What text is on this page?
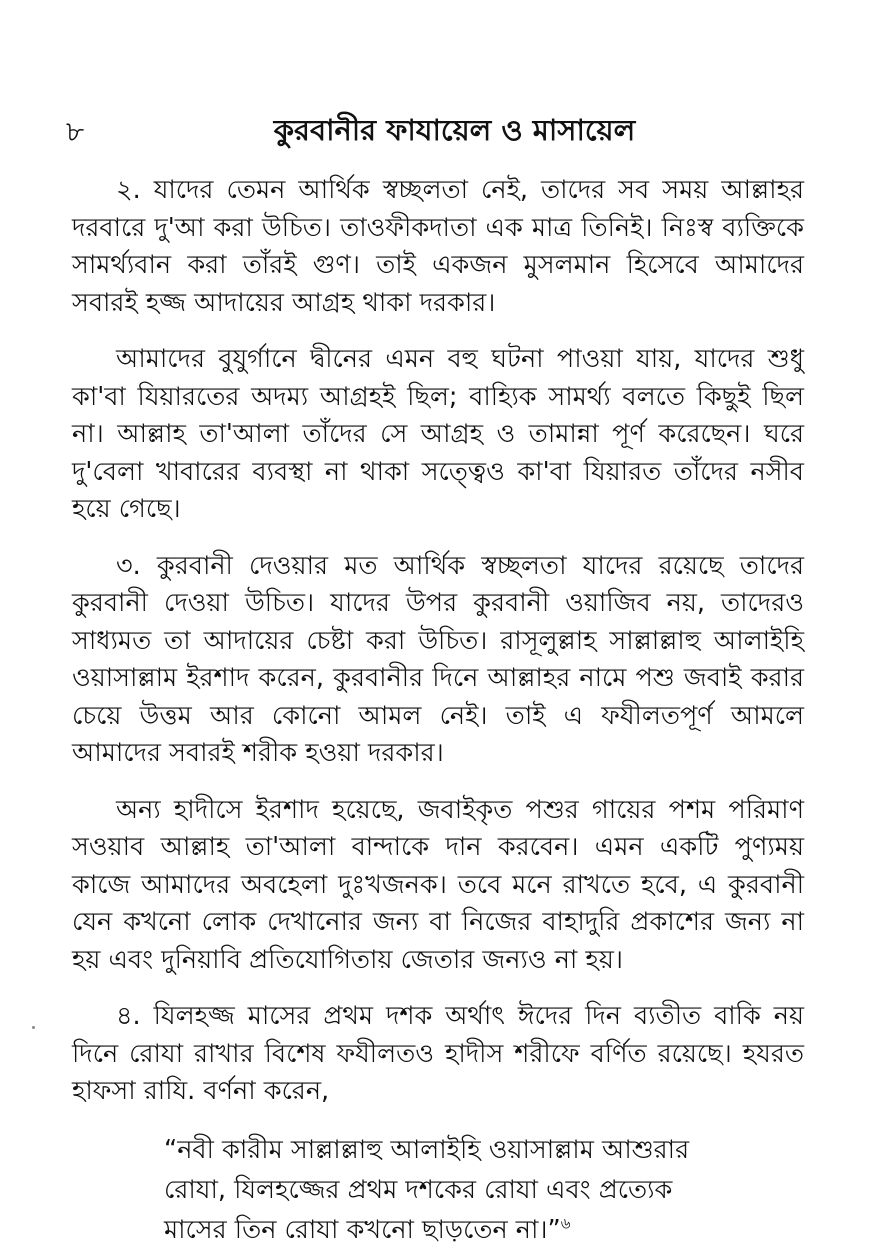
৮	কুরবানীর ফাযায়েল ও মাসায়েল

২. যাদের তেমন আর্থিক স্বচ্ছলতা নেই, তাদের সব সময় আল্লাহর দরবারে দু'আ করা উচিত। তাওফীকদাতা এক মাত্র তিনিই। নিঃস্ব ব্যক্তিকে সামর্থ্যবান করা তাঁরই গুণ। তাই একজন মুসলমান হিসেবে আমাদের সবারই হজ্জ আদায়ের আগ্রহ থাকা দরকার।

আমাদের বুযুর্গানে দ্বীনের এমন বহু ঘটনা পাওয়া যায়, যাদের শুধু কা'বা যিয়ারতের অদম্য আগ্রহই ছিল; বাহ্যিক সামর্থ্য বলতে কিছুই ছিল না। আল্লাহ তা'আলা তাঁদের সে আগ্রহ ও তামান্না পূর্ণ করেছেন। ঘরে দু'বেলা খাবারের ব্যবস্থা না থাকা সত্ত্বেও কা'বা যিয়ারত তাঁদের নসীব হয়ে গেছে।

৩. কুরবানী দেওয়ার মত আর্থিক স্বচ্ছলতা যাদের রয়েছে তাদের কুরবানী দেওয়া উচিত। যাদের উপর কুরবানী ওয়াজিব নয়, তাদেরও সাধ্যমত তা আদায়ের চেষ্টা করা উচিত। রাসূলুল্লাহ সাল্লাল্লাহু আলাইহি ওয়াসাল্লাম ইরশাদ করেন, কুরবানীর দিনে আল্লাহর নামে পশু জবাই করার চেয়ে উত্তম আর কোনো আমল নেই। তাই এ ফযীলতপূর্ণ আমলে আমাদের সবারই শরীক হওয়া দরকার।

অন্য হাদীসে ইরশাদ হয়েছে, জবাইকৃত পশুর গায়ের পশম পরিমাণ সওয়াব আল্লাহ তা'আলা বান্দাকে দান করবেন। এমন একটি পুণ্যময় কাজে আমাদের অবহেলা দুঃখজনক। তবে মনে রাখতে হবে, এ কুরবানী যেন কখনো লোক দেখানোর জন্য বা নিজের বাহাদুরি প্রকাশের জন্য না হয় এবং দুনিয়াবি প্রতিযোগিতায় জেতার জন্যও না হয়।

৪. যিলহজ্জ মাসের প্রথম দশক অর্থাৎ ঈদের দিন ব্যতীত বাকি নয় দিনে রোযা রাখার বিশেষ ফযীলতও হাদীস শরীফে বর্ণিত রয়েছে। হযরত হাফসা রাযি. বর্ণনা করেন,

“নবী কারীম সাল্লাল্লাহু আলাইহি ওয়াসাল্লাম আশুরার
রোযা, যিলহজ্জের প্রথম দশকের রোযা এবং প্রত্যেক
মাসের তিন রোযা কখনো ছাড়তেন না।”$^৬$
